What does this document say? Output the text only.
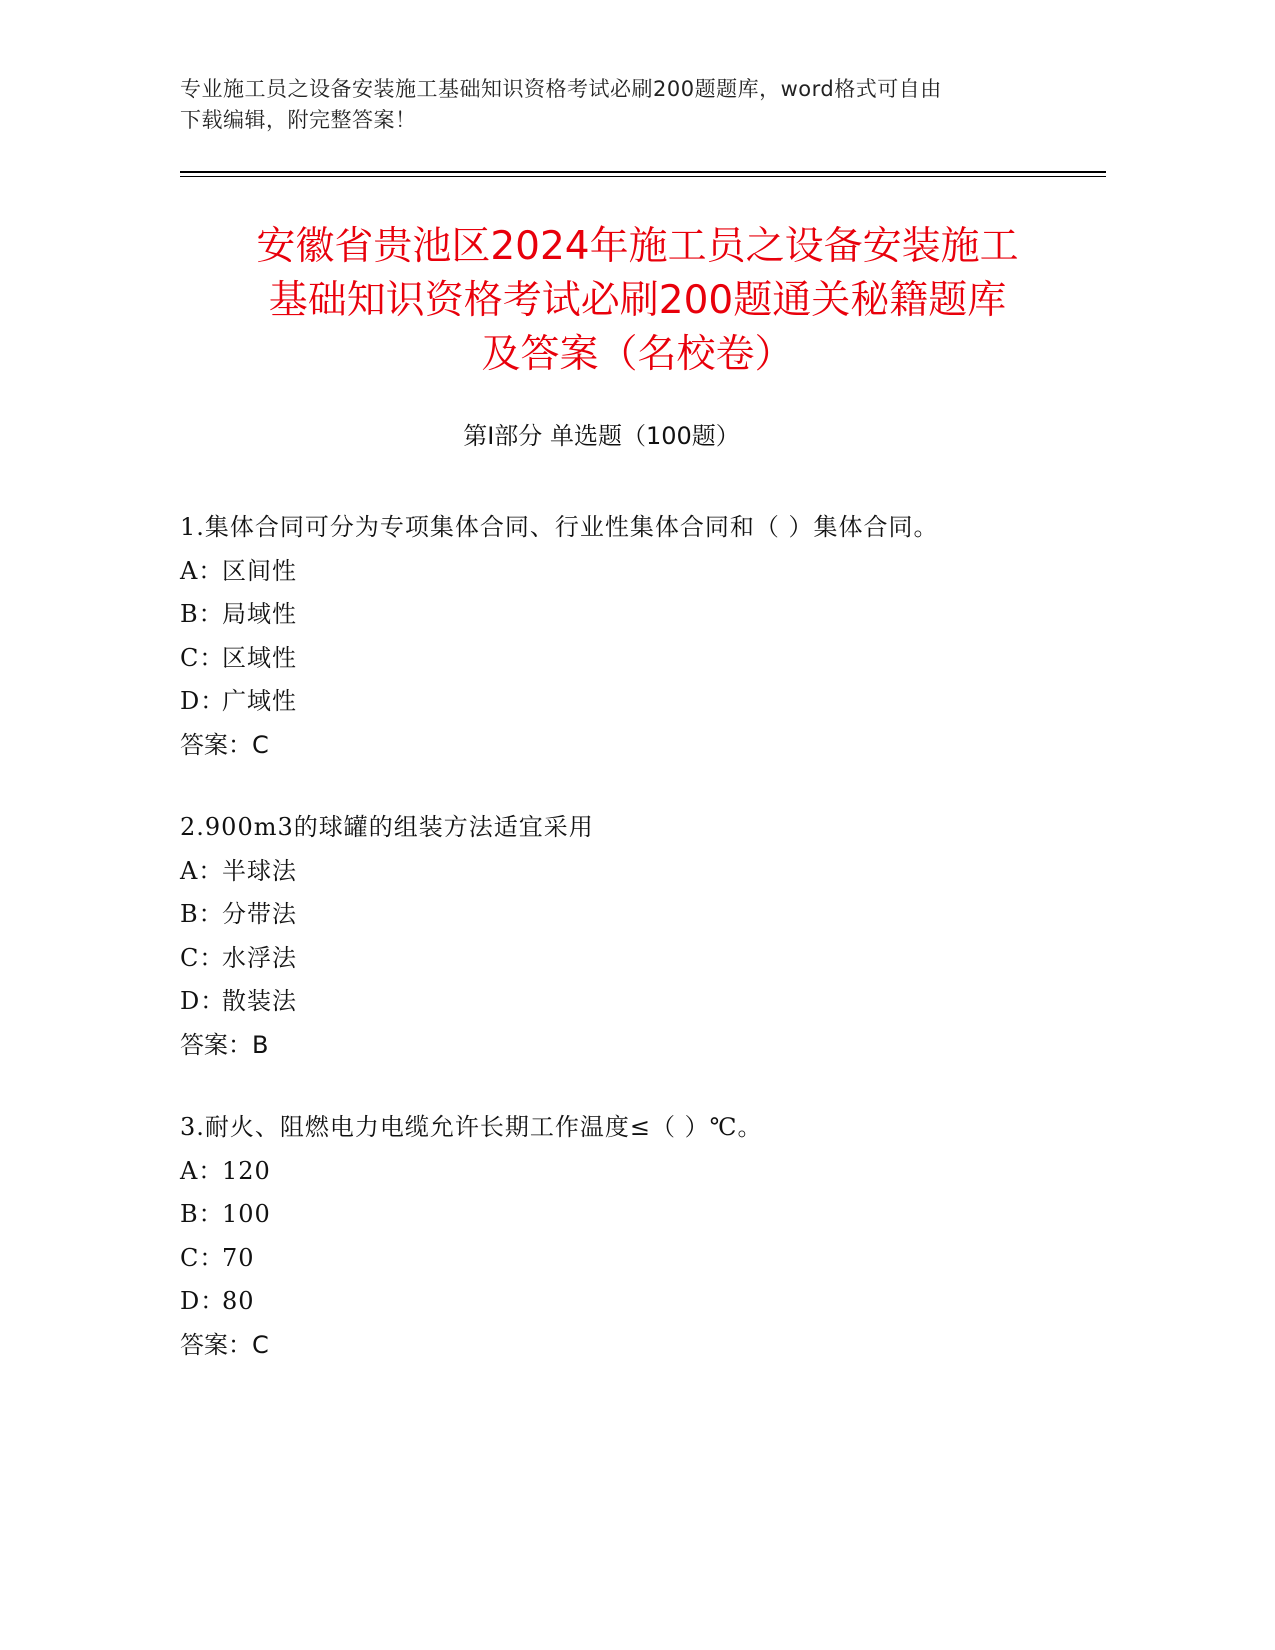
专业施工员之设备安装施工基础知识资格考试必刷200题题库，word格式可自由
下载编辑，附完整答案！
安徽省贵池区2024年施工员之设备安装施工
基础知识资格考试必刷200题通关秘籍题库
及答案（名校卷）
第Ⅰ部分 单选题（100题）
1.集体合同可分为专项集体合同、行业性集体合同和（ ）集体合同。
A：区间性
B：局域性
C：区域性
D：广域性
答案：C
2.900m3的球罐的组装方法适宜采用
A：半球法
B：分带法
C：水浮法
D：散装法
答案：B
3.耐火、阻燃电力电缆允许长期工作温度≤（ ）℃。
A：120
B：100
C：70
D：80
答案：C
